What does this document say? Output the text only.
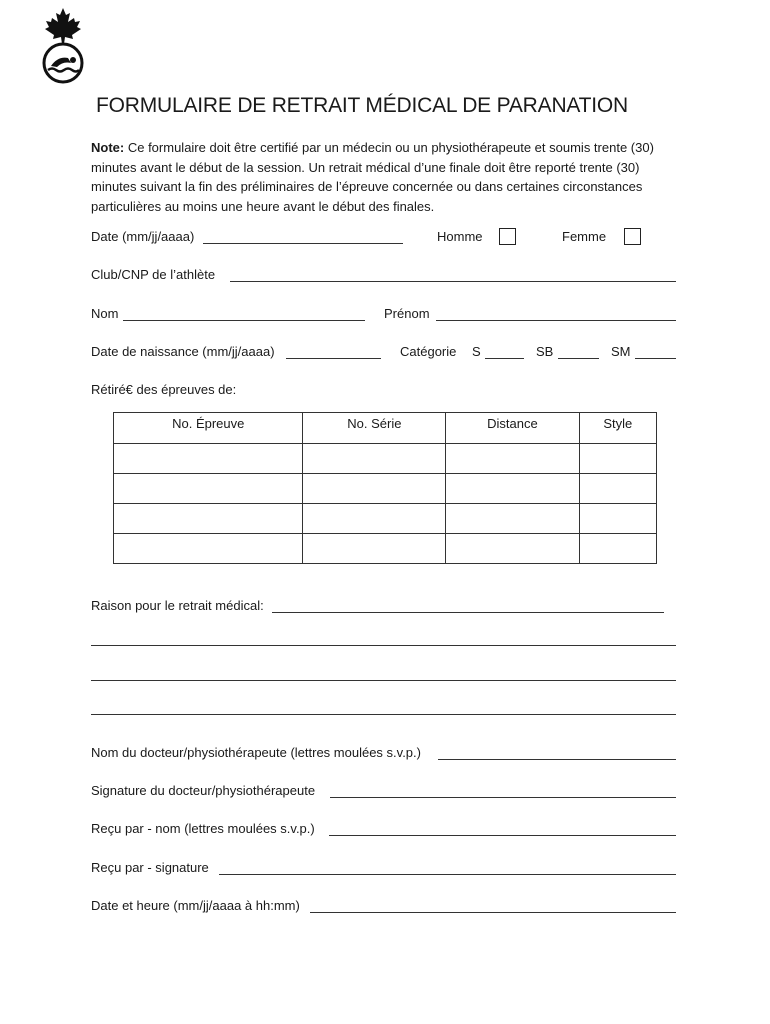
FORMULAIRE DE RETRAIT MÉDICAL DE PARANATION
Note: Ce formulaire doit être certifié par un médecin ou un physiothérapeute et soumis trente (30) minutes avant le début de la session. Un retrait médical d’une finale doit être reporté trente (30) minutes suivant la fin des préliminaires de l’épreuve concernée ou dans certaines circonstances particulières au moins une heure avant le début des finales.
Date (mm/jj/aaaa)	Homme	Femme
Club/CNP de l’athlète
Nom	Prénom
Date de naissance (mm/jj/aaaa)	Catégorie S	SB	SM
Rétiré€ des épreuves de:
No. Épreuve	No. Série	Distance	Style

Raison pour le retrait médical:
Nom du docteur/physiothérapeute (lettres moulées s.v.p.)
Signature du docteur/physiothérapeute
Reçu par - nom (lettres moulées s.v.p.)
Reçu par - signature
Date et heure (mm/jj/aaaa à hh:mm)
